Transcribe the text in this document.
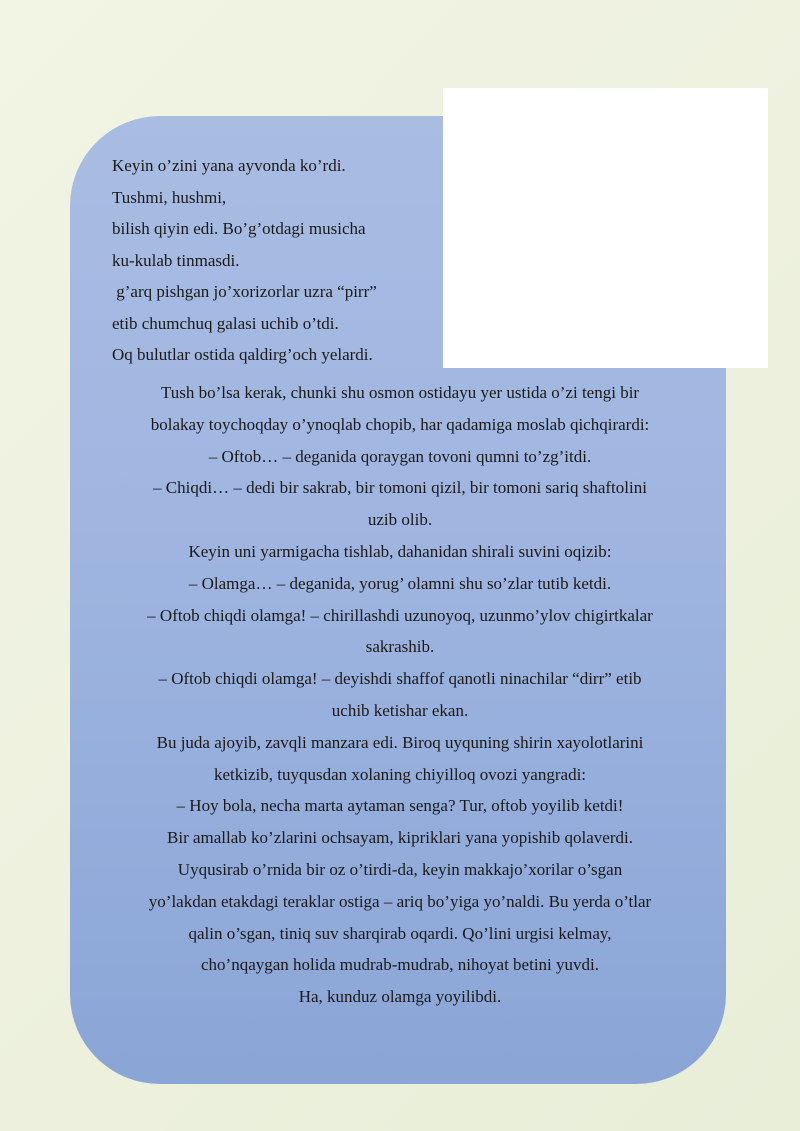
Keyin o’zini yana ayvonda ko’rdi.
Tushmi, hushmi,
bilish qiyin edi. Bo’g’otdagi musicha
ku-kulab tinmasdi.
g’arq pishgan jo’xorizorlar uzra “pirr”
etib chumchuq galasi uchib o’tdi.
Oq bulutlar ostida qaldirg’och yelardi.
Tush bo’lsa kerak, chunki shu osmon ostidayu yer ustida o’zi tengi bir
bolakay toychoqday o’ynoqlab chopib, har qadamiga moslab qichqirardi:
– Oftob… – deganida qoraygan tovoni qumni to’zg’itdi.
– Chiqdi… – dedi bir sakrab, bir tomoni qizil, bir tomoni sariq shaftolini
uzib olib.
Keyin uni yarmigacha tishlab, dahanidan shirali suvini oqizib:
– Olamga… – deganida, yorug’ olamni shu so’zlar tutib ketdi.
– Oftob chiqdi olamga! – chirillashdi uzunoyoq, uzunmo’ylov chigirtkalar
sakrashib.
– Oftob chiqdi olamga! – deyishdi shaffof qanotli ninachilar “dirr” etib
uchib ketishar ekan.
Bu juda ajoyib, zavqli manzara edi. Biroq uyquning shirin xayolotlarini
ketkizib, tuyqusdan xolaning chiyilloq ovozi yangradi:
– Hoy bola, necha marta aytaman senga? Tur, oftob yoyilib ketdi!
Bir amallab ko’zlarini ochsayam, kipriklari yana yopishib qolaverdi.
Uyqusirab o’rnida bir oz o’tirdi-da, keyin makkajo’xorilar o’sgan
yo’lakdan etakdagi teraklar ostiga – ariq bo’yiga yo’naldi. Bu yerda o’tlar
qalin o’sgan, tiniq suv sharqirab oqardi. Qo’lini urgisi kelmay,
cho’nqaygan holida mudrab-mudrab, nihoyat betini yuvdi.
Ha, kunduz olamga yoyilibdi.
